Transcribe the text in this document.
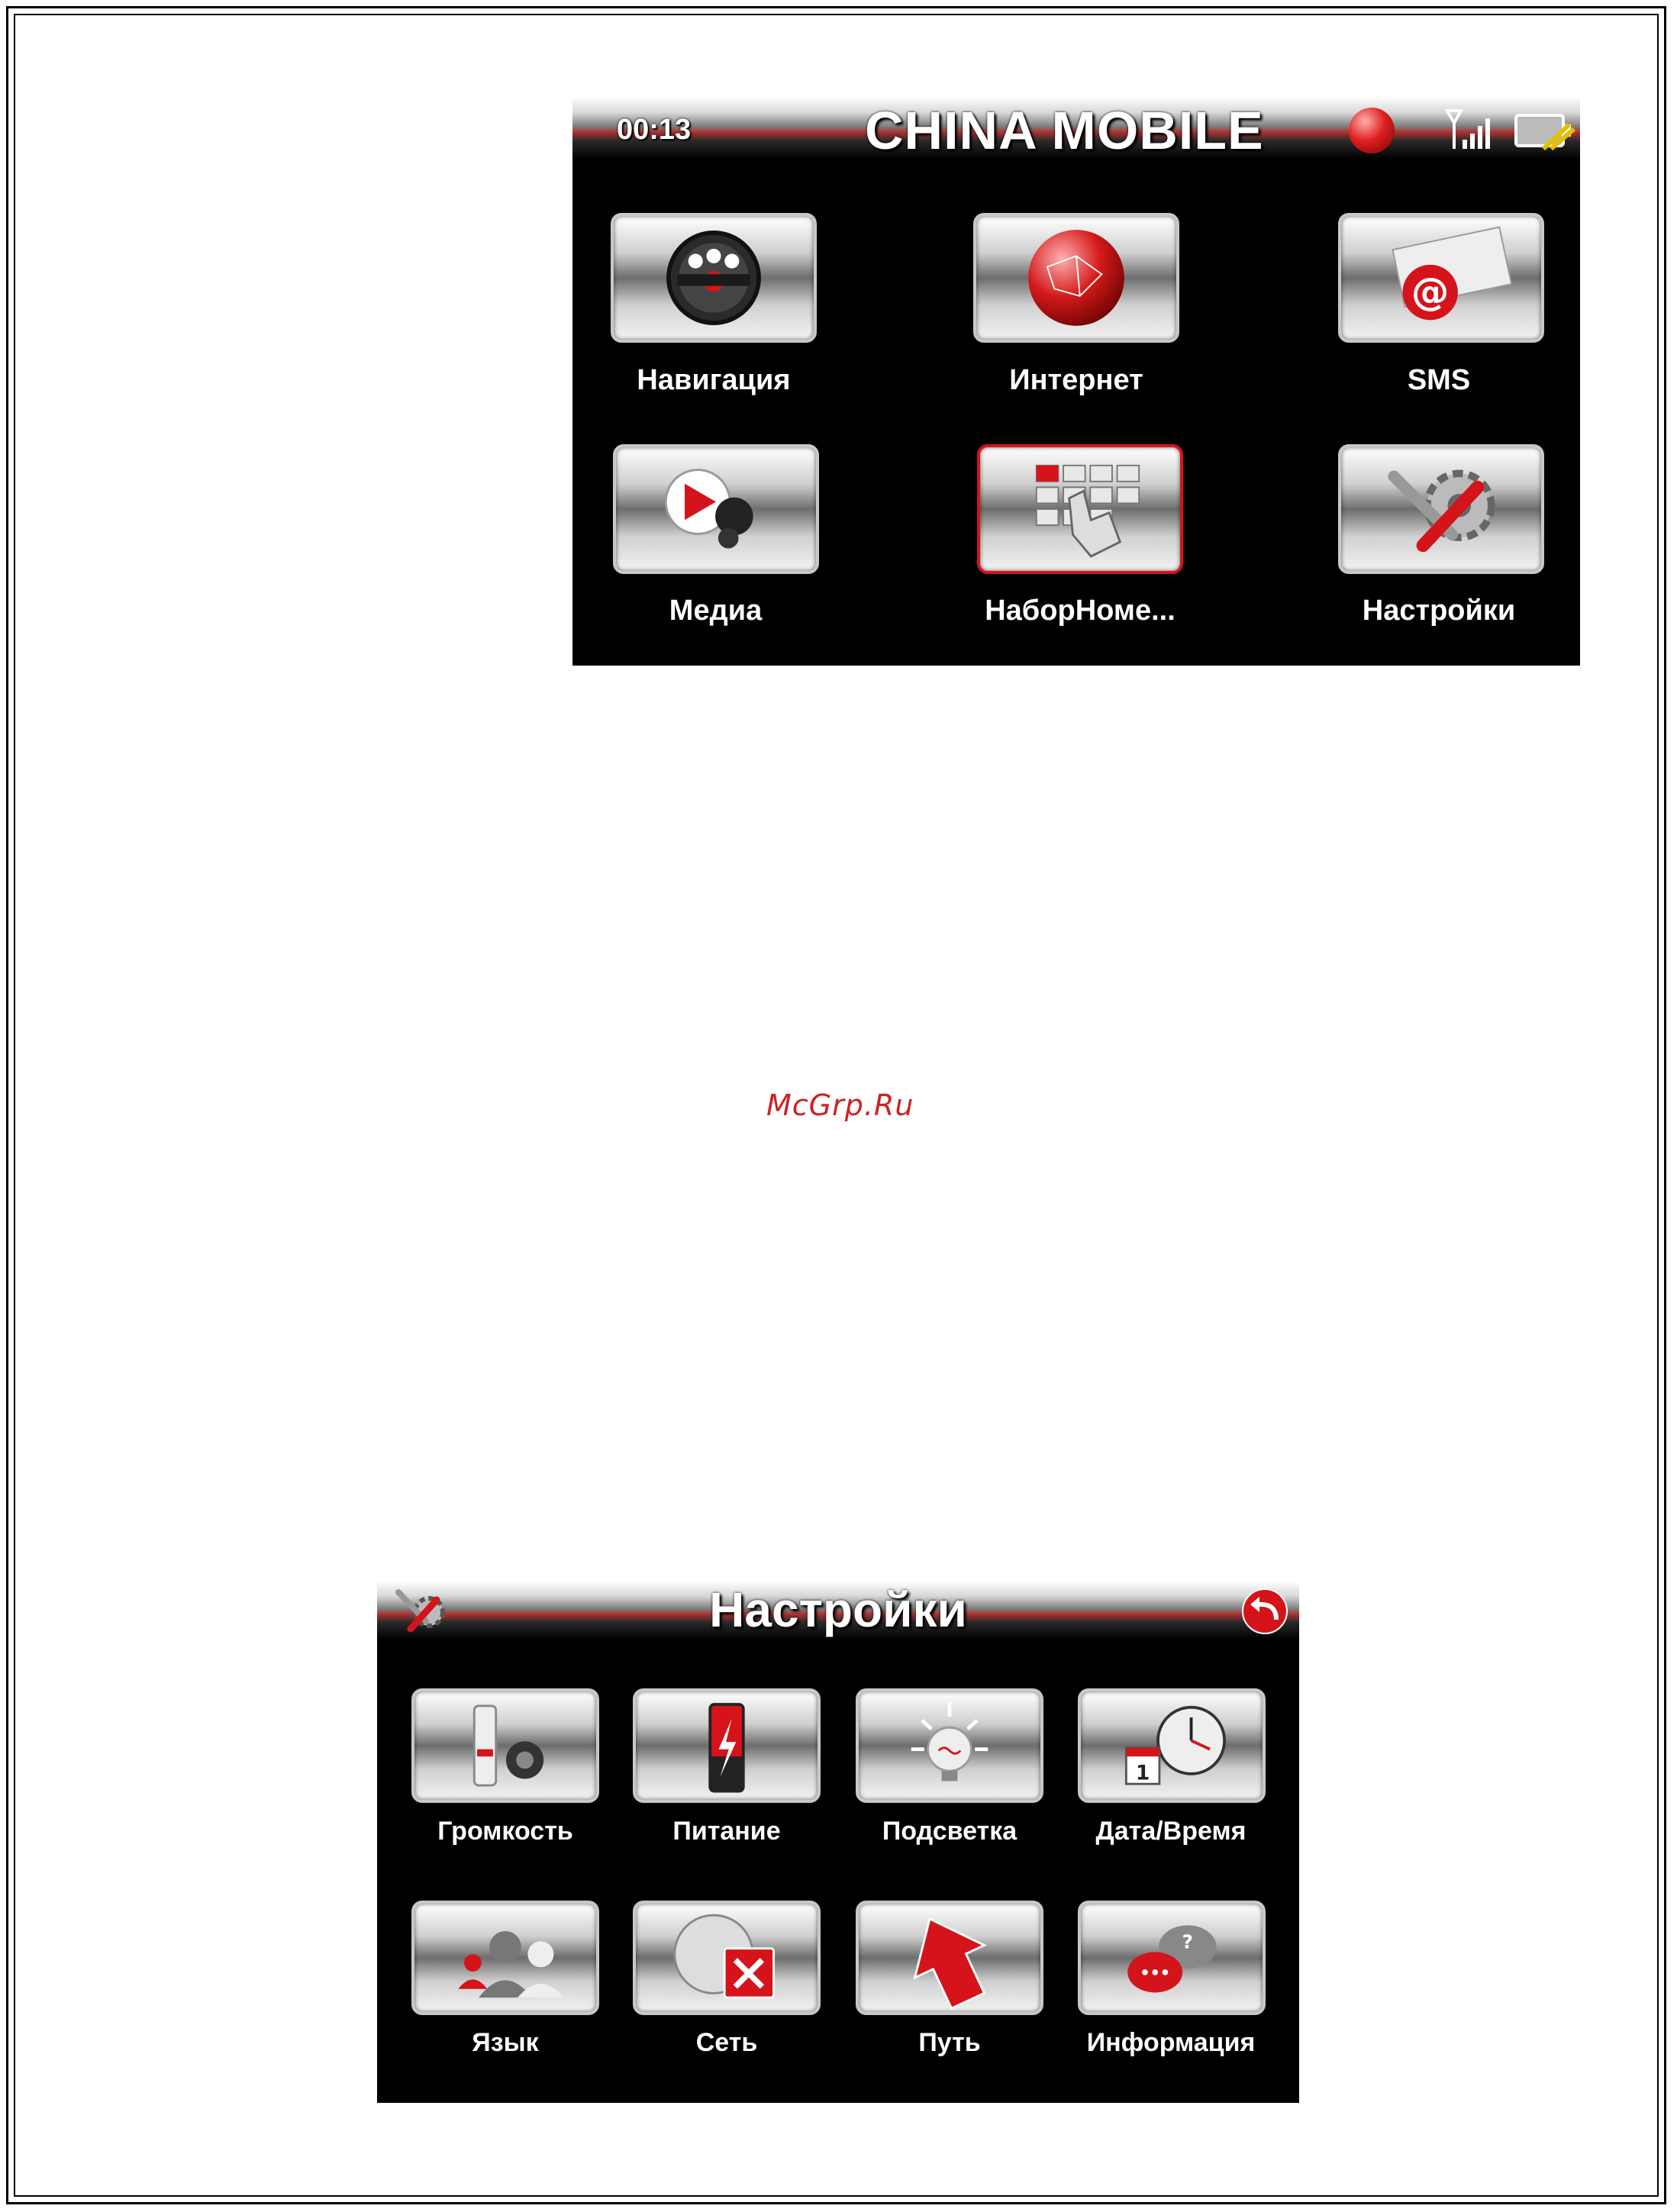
00:13	CHINA MOBILE
Навигация	Интернет
@
SMS
Медиа	НаборНоме...	Настройки
McGrp.Ru
Настройки
Громкость	Питание	Подсветка
1
Дата/Время
Язык	Сеть	Путь
?
Информация
